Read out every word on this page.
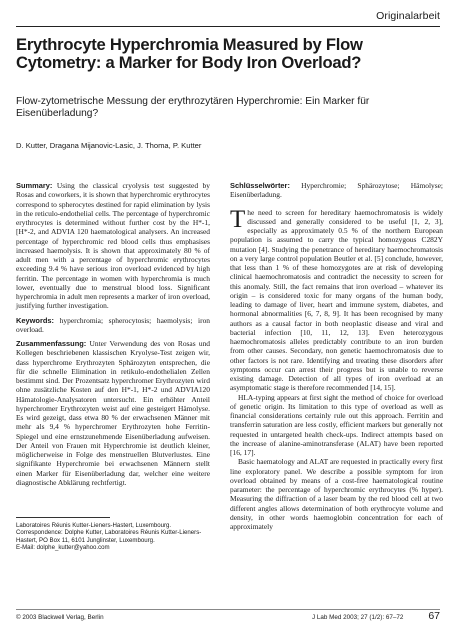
Originalarbeit
Erythrocyte Hyperchromia Measured by Flow Cytometry: a Marker for Body Iron Overload?
Flow-zytometrische Messung der erythrozytären Hyperchromie: Ein Marker für Eisenüberladung?
D. Kutter, Dragana Mijanovic-Lasic, J. Thoma, P. Kutter

Summary: Using the classical cryolysis test suggested by Rosas and coworkers, it is shown that hyperchromic erythrocytes correspond to spherocytes destined for rapid elimination by lysis in the reticulo-endothelial cells. The percentage of hyperchromic erythrocytes is determined without further cost by the H*-1, [H*-2, and ADVIA 120 haematological analysers. An increased percentage of hyperchromic red blood cells thus emphasises increased haemolysis. It is shown that approximately 80 % of adult men with a percentage of hyperchromic erythrocytes exceeding 9.4 % have serious iron overload evidenced by high ferritin. The percentage in women with hyperchromia is much lower, eventually due to menstrual blood loss. Significant hyperchromia in adult men represents a marker of iron overload, justifying further investigation.

Keywords: hyperchromia; spherocytosis; haemolysis; iron overload.

Zusammenfassung: Unter Verwendung des von Rosas und Kollegen beschriebenen klassischen Kryolyse-Test zeigen wir, dass hyperchrome Erythrozyten Sphärozyten entsprechen, die für die schnelle Elimination in retikulo-endothelialen Zellen bestimmt sind. Der Prozentsatz hyperchromer Erythrozyten wird ohne zusätzliche Kosten auf den H*-1, H*-2 und ADVIA120 Hämatologie-Analysatoren untersucht. Ein erhöhter Anteil hyperchromer Erythrozyten weist auf eine gesteigert Hämolyse. Es wird gezeigt, dass etwa 80 % der erwachsenen Männer mit mehr als 9,4 % hyperchromer Erythrozyten hohe Ferritin-Spiegel und eine ernstzunehmende Eisenüberladung aufweisen. Der Anteil von Frauen mit Hyperchromie ist deutlich kleiner, möglicherweise in Folge des menstruellen Blutverlustes. Eine signifikante Hyperchromie bei erwachsenen Männern stellt einen Marker für Eisenüberladung dar, welcher eine weitere diagnostische Abklärung rechtfertigt.

Schlüsselwörter: Hyperchromie; Sphärozytose; Hämolyse; Eisenüberladung.

The need to screen for hereditary haemochromatosis is widely discussed and generally considered to be useful [1, 2, 3], especially as approximately 0.5 % of the northern European population is assumed to carry the typical homozygous C282Y mutation [4]. Studying the penetrance of hereditary haemochromatosis on a very large control population Beutler et al. [5] conclude, however, that less than 1 % of these homozygotes are at risk of developing clinical haemochromatosis and contradict the necessity to screen for this anomaly. Still, the fact remains that iron overload – whatever its origin – is considered toxic for many organs of the human body, leading to damage of liver, heart and immune system, diabetes, and hormonal abnormalities [6, 7, 8, 9]. It has been recognised by many authors as a causal factor in both neoplastic disease and viral and bacterial infection [10, 11, 12, 13]. Even heterozygous haemochromatosis alleles predictably contribute to an iron burden from other causes. Secondary, non genetic haemochromatosis due to other factors is not rare. Identifying and treating these disorders after symptoms occur can arrest their progress but is unable to reverse existing damage. Detection of all types of iron overload at an asymptomatic stage is therefore recommended [14, 15].

HLA-typing appears at first sight the method of choice for overload of genetic origin. Its limitation to this type of overload as well as financial considerations certainly rule out this approach. Ferritin and transferrin saturation are less costly, efficient markers but generally not requested in untargeted health check-ups. Indirect attempts based on the increase of alanine-aminotransferase (ALAT) have been reported [16, 17].

Basic haematology and ALAT are requested in practically every first line exploratory panel. We describe a possible symptom for iron overload obtained by means of a cost-free haematological routine parameter: the percentage of hyperchromic erythrocytes (% hyper). Measuring the diffraction of a laser beam by the red blood cell at two different angles allows determination of both erythrocyte volume and density, in other words haemoglobin concentration for each of approximately

Laboratoires Réunis Kutter-Lieners-Hastert, Luxembourg.
Correspondence: Dolphe Kutter, Laboratoires Réunis Kutter-Lieners-Hastert, PO Box 11, 6101 Junglinster, Luxembourg.
E-Mail: dolphe_kutter@yahoo.com
© 2003 Blackwell Verlag, Berlin	J Lab Med 2003; 27 (1/2): 67–72 67
